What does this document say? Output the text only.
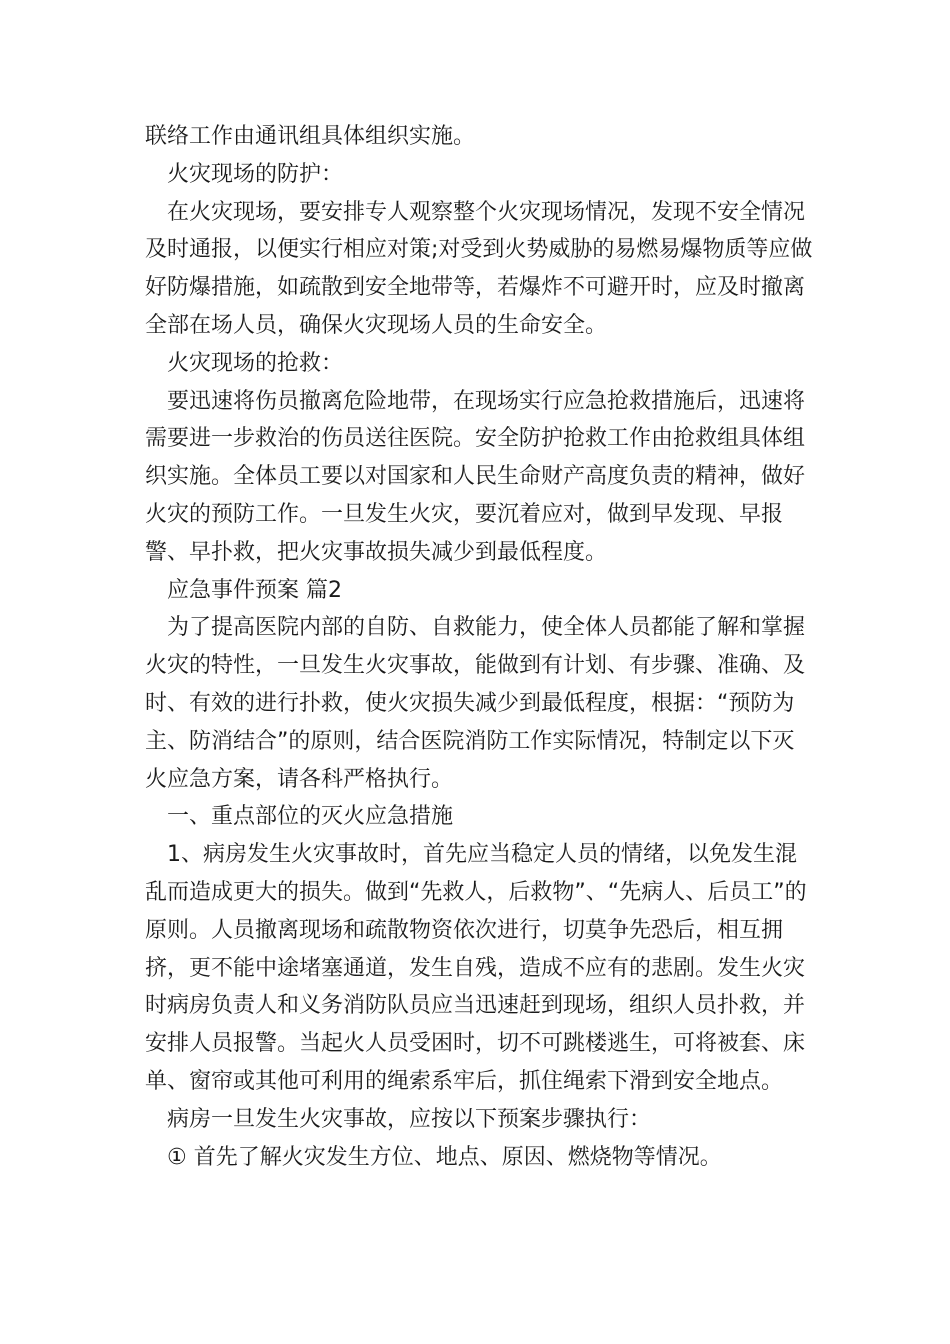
联络工作由通讯组具体组织实施。

火灾现场的防护：

在火灾现场，要安排专人观察整个火灾现场情况，发现不安全情况及时通报，以便实行相应对策;对受到火势威胁的易燃易爆物质等应做好防爆措施，如疏散到安全地带等，若爆炸不可避开时，应及时撤离全部在场人员，确保火灾现场人员的生命安全。

火灾现场的抢救：

要迅速将伤员撤离危险地带，在现场实行应急抢救措施后，迅速将需要进一步救治的伤员送往医院。安全防护抢救工作由抢救组具体组织实施。全体员工要以对国家和人民生命财产高度负责的精神，做好火灾的预防工作。一旦发生火灾，要沉着应对，做到早发现、早报警、早扑救，把火灾事故损失减少到最低程度。

应急事件预案 篇2

为了提高医院内部的自防、自救能力，使全体人员都能了解和掌握火灾的特性，一旦发生火灾事故，能做到有计划、有步骤、准确、及时、有效的进行扑救，使火灾损失减少到最低程度，根据：“预防为主、防消结合”的原则，结合医院消防工作实际情况，特制定以下灭火应急方案，请各科严格执行。

一、重点部位的灭火应急措施

1、病房发生火灾事故时，首先应当稳定人员的情绪，以免发生混乱而造成更大的损失。做到“先救人，后救物”、“先病人、后员工”的原则。人员撤离现场和疏散物资依次进行，切莫争先恐后，相互拥挤，更不能中途堵塞通道，发生自残，造成不应有的悲剧。发生火灾时病房负责人和义务消防队员应当迅速赶到现场，组织人员扑救，并安排人员报警。当起火人员受困时，切不可跳楼逃生，可将被套、床单、窗帘或其他可利用的绳索系牢后，抓住绳索下滑到安全地点。

病房一旦发生火灾事故，应按以下预案步骤执行：

① 首先了解火灾发生方位、地点、原因、燃烧物等情况。
